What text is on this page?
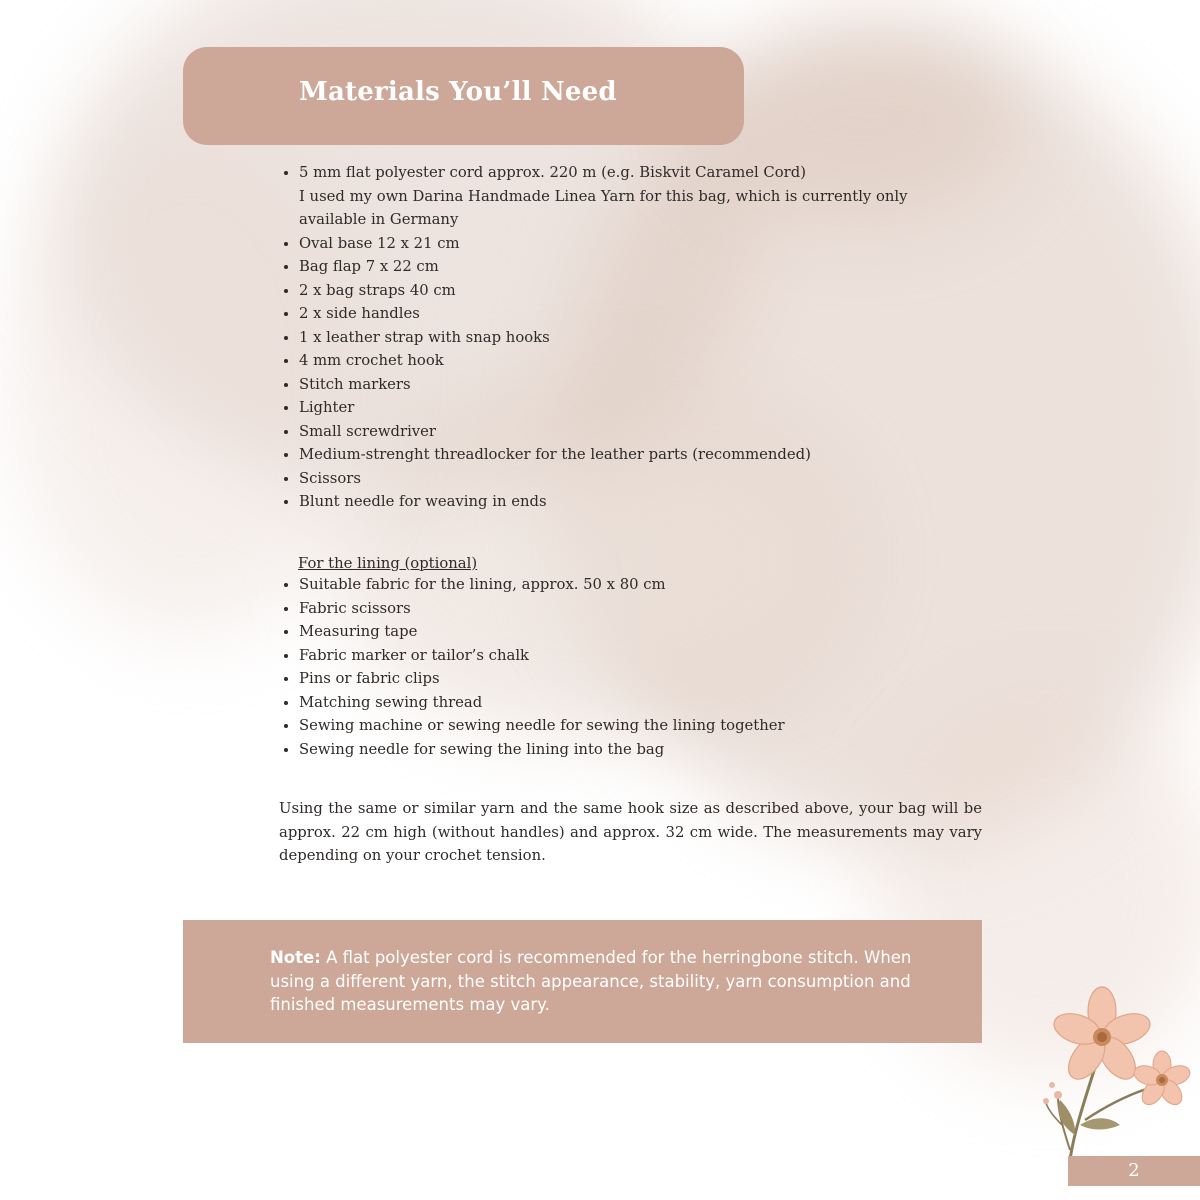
Materials You’ll Need
• 5 mm flat polyester cord approx. 220 m (e.g. Biskvit Caramel Cord)
I used my own Darina Handmade Linea Yarn for this bag, which is currently only available in Germany
• Oval base 12 x 21 cm
• Bag flap 7 x 22 cm
• 2 x bag straps 40 cm
• 2 x side handles
• 1 x leather strap with snap hooks
• 4 mm crochet hook
• Stitch markers
• Lighter
• Small screwdriver
• Medium-strenght threadlocker for the leather parts (recommended)
• Scissors
• Blunt needle for weaving in ends
For the lining (optional)
• Suitable fabric for the lining, approx. 50 x 80 cm
• Fabric scissors
• Measuring tape
• Fabric marker or tailor’s chalk
• Pins or fabric clips
• Matching sewing thread
• Sewing machine or sewing needle for sewing the lining together
• Sewing needle for sewing the lining into the bag

Using the same or similar yarn and the same hook size as described above, your bag will be approx. 22 cm high (without handles) and approx. 32 cm wide. The measurements may vary depending on your crochet tension.

Note: A flat polyester cord is recommended for the herringbone stitch. When using a different yarn, the stitch appearance, stability, yarn consumption and finished measurements may vary.

2
